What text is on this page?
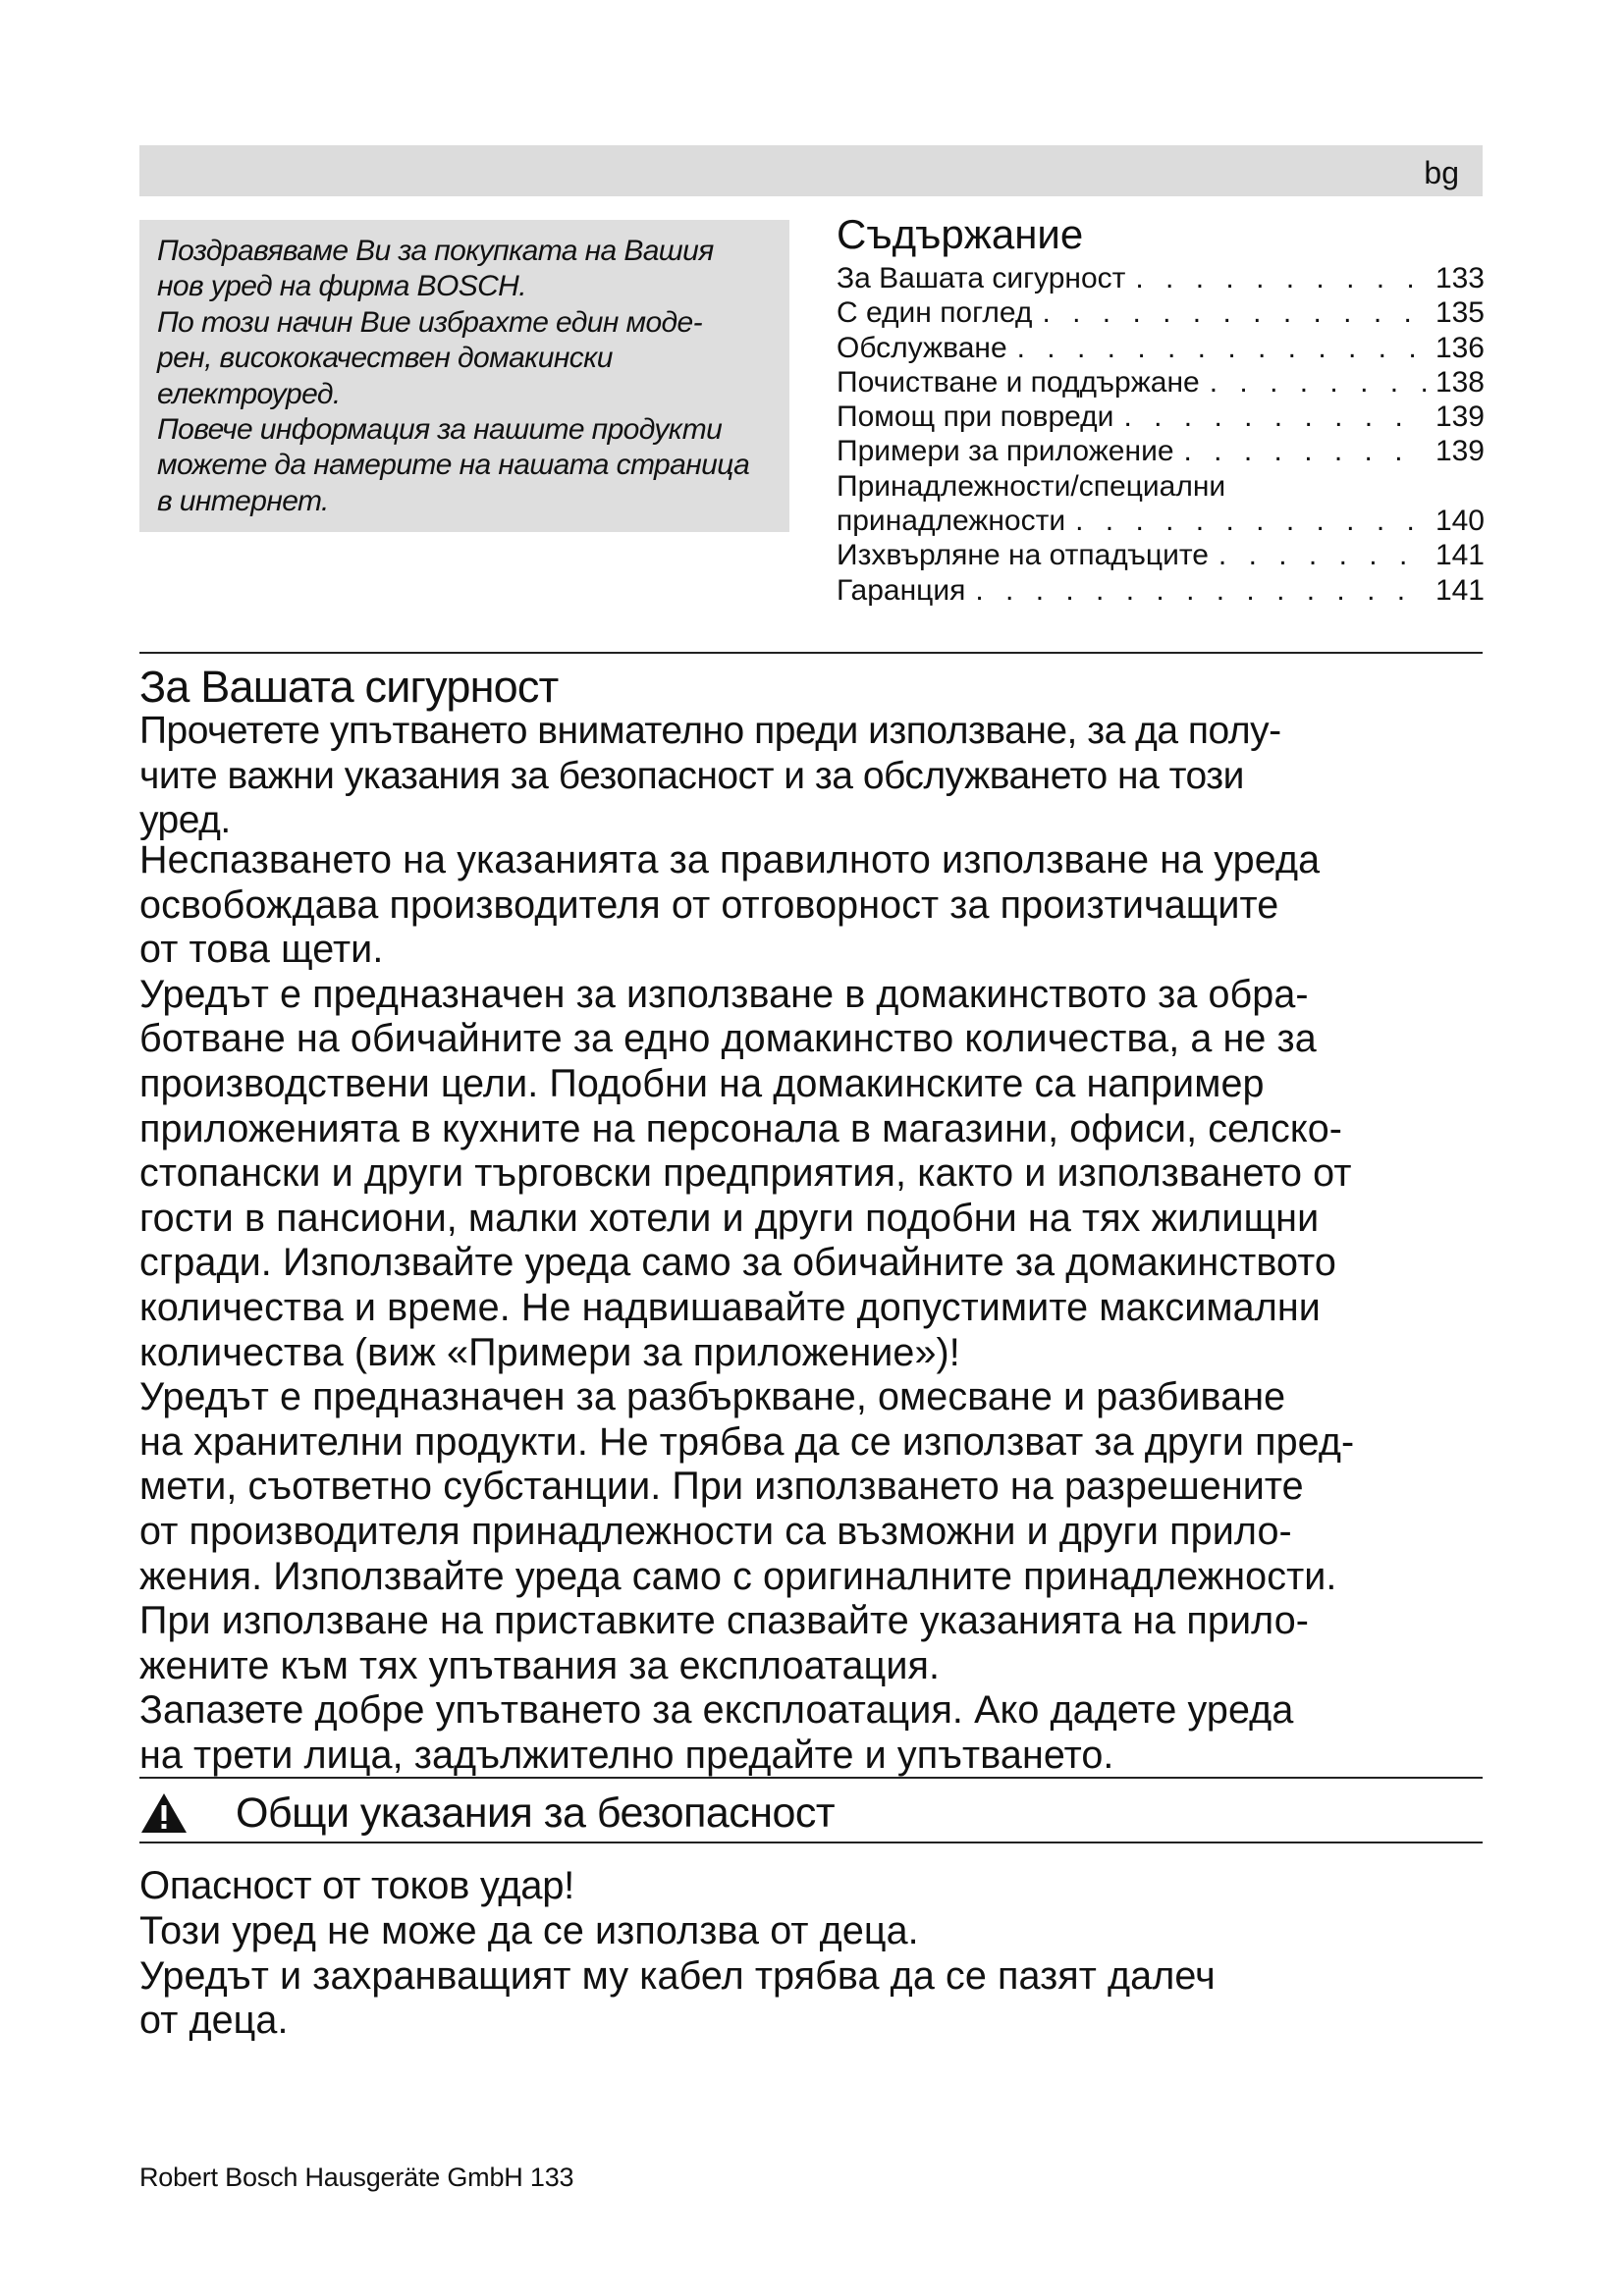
bg
Поздравяваме Ви за покупката на Вашия
нов уред на фирма BOSCH.
По този начин Вие избрахте един моде-
рен, висококачествен домакински
електроуред.
Повече информация за нашите продукти
можете да намерите на нашата страница
в интернет.
Съдържание
За Вашата сигурност . . .	133
С един поглед . . .	135
Обслужване . . .	136
Почистване и поддържане . . .	138
Помощ при повреди . . .	139
Примери за приложение . . .	139
Принадлежности/специални
принадлежности . . .	140
Изхвърляне на отпадъците . . .	141
Гаранция . . .	141
За Вашата сигурност
Прочетете упътването внимателно преди използване, за да полу-
чите важни указания за безопасност и за обслужването на този
уред.
Неспазването на указанията за правилното използване на уреда
освобождава производителя от отговорност за произтичащите
от това щети.
Уредът е предназначен за използване в домакинството за обра-
ботване на обичайните за едно домакинство количества, а не за
производствени цели. Подобни на домакинските са например
приложенията в кухните на персонала в магазини, офиси, селско-
стопански и други търговски предприятия, както и използването от
гости в пансиони, малки хотели и други подобни на тях жилищни
сгради. Използвайте уреда само за обичайните за домакинството
количества и време. Не надвишавайте допустимите максимални
количества (виж «Примери за приложение»)!
Уредът е предназначен за разбъркване, омесване и разбиване
на хранителни продукти. Не трябва да се използват за други пред-
мети, съответно субстанции. При използването на разрешените
от производителя принадлежности са възможни и други прило-
жения. Използвайте уреда само с оригиналните принадлежности.
При използване на приставките спазвайте указанията на прило-
жените към тях упътвания за експлоатация.
Запазете добре упътването за експлоатация. Ако дадете уреда
на трети лица, задължително предайте и упътването.
Общи указания за безопасност
Опасност от токов удар!
Този уред не може да се използва от деца.
Уредът и захранващият му кабел трябва да се пазят далеч
от деца.
Robert Bosch Hausgeräte GmbH 133
